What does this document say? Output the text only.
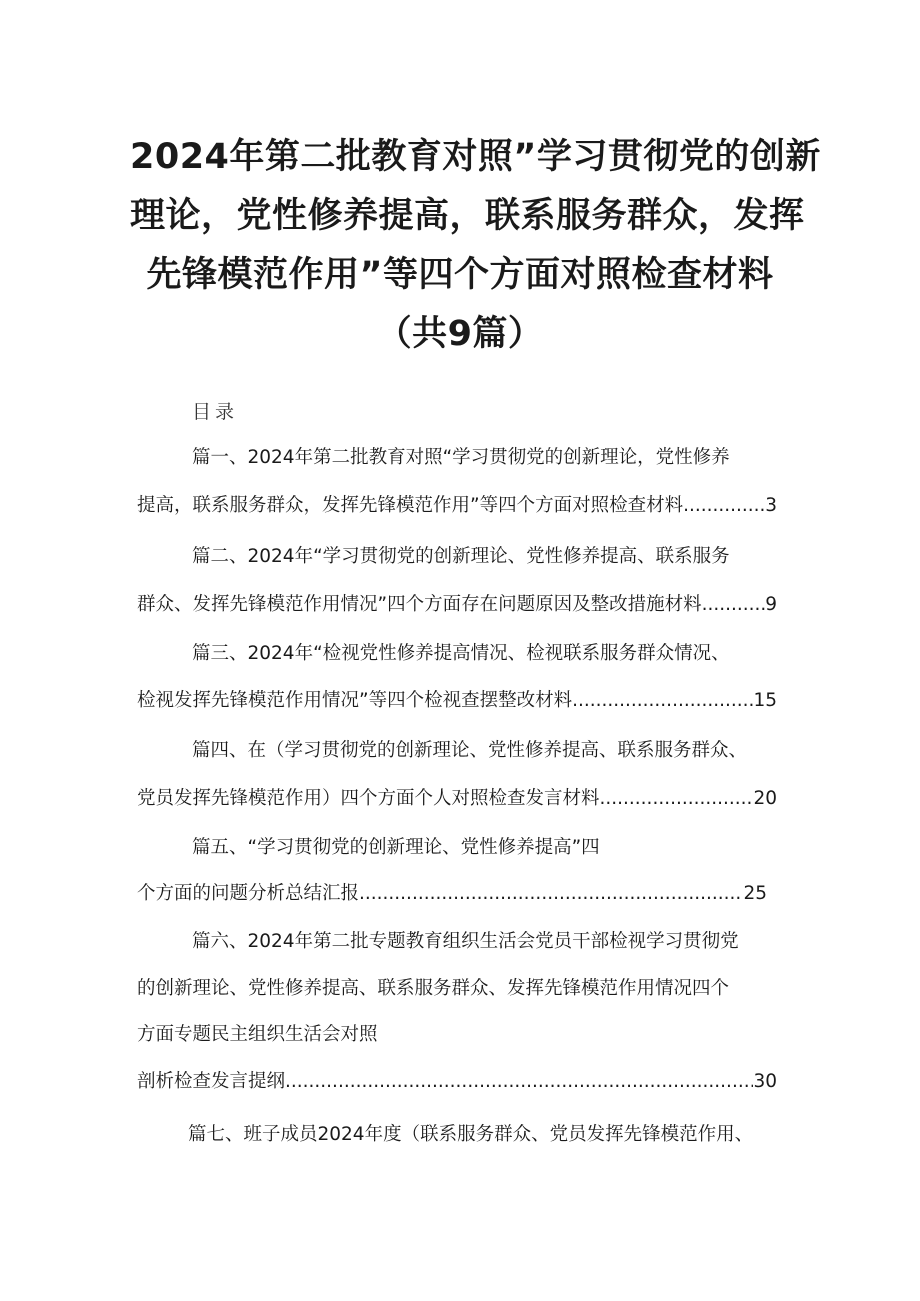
2024年第二批教育对照”学习贯彻党的创新
理论，党性修养提高，联系服务群众，发挥
先锋模范作用”等四个方面对照检查材料
（共9篇）
目录
篇一、2024年第二批教育对照“学习贯彻党的创新理论，党性修养
提高，联系服务群众，发挥先锋模范作用”等四个方面对照检查材料 .....	3
篇二、2024年“学习贯彻党的创新理论、党性修养提高、联系服务
群众、发挥先锋模范作用情况”四个方面存在问题原因及整改措施材料 .....	9
篇三、2024年“检视党性修养提高情况、检视联系服务群众情况、
检视发挥先锋模范作用情况”等四个检视查摆整改材料 .....	15
篇四、在（学习贯彻党的创新理论、党性修养提高、联系服务群众、
党员发挥先锋模范作用）四个方面个人对照检查发言材料 .....	20
篇五、“学习贯彻党的创新理论、党性修养提高”四
个方面的问题分析总结汇报 .....	25
篇六、2024年第二批专题教育组织生活会党员干部检视学习贯彻党
的创新理论、党性修养提高、联系服务群众、发挥先锋模范作用情况四个
方面专题民主组织生活会对照
剖析检查发言提纲 .....	30
篇七、班子成员2024年度（联系服务群众、党员发挥先锋模范作用、
